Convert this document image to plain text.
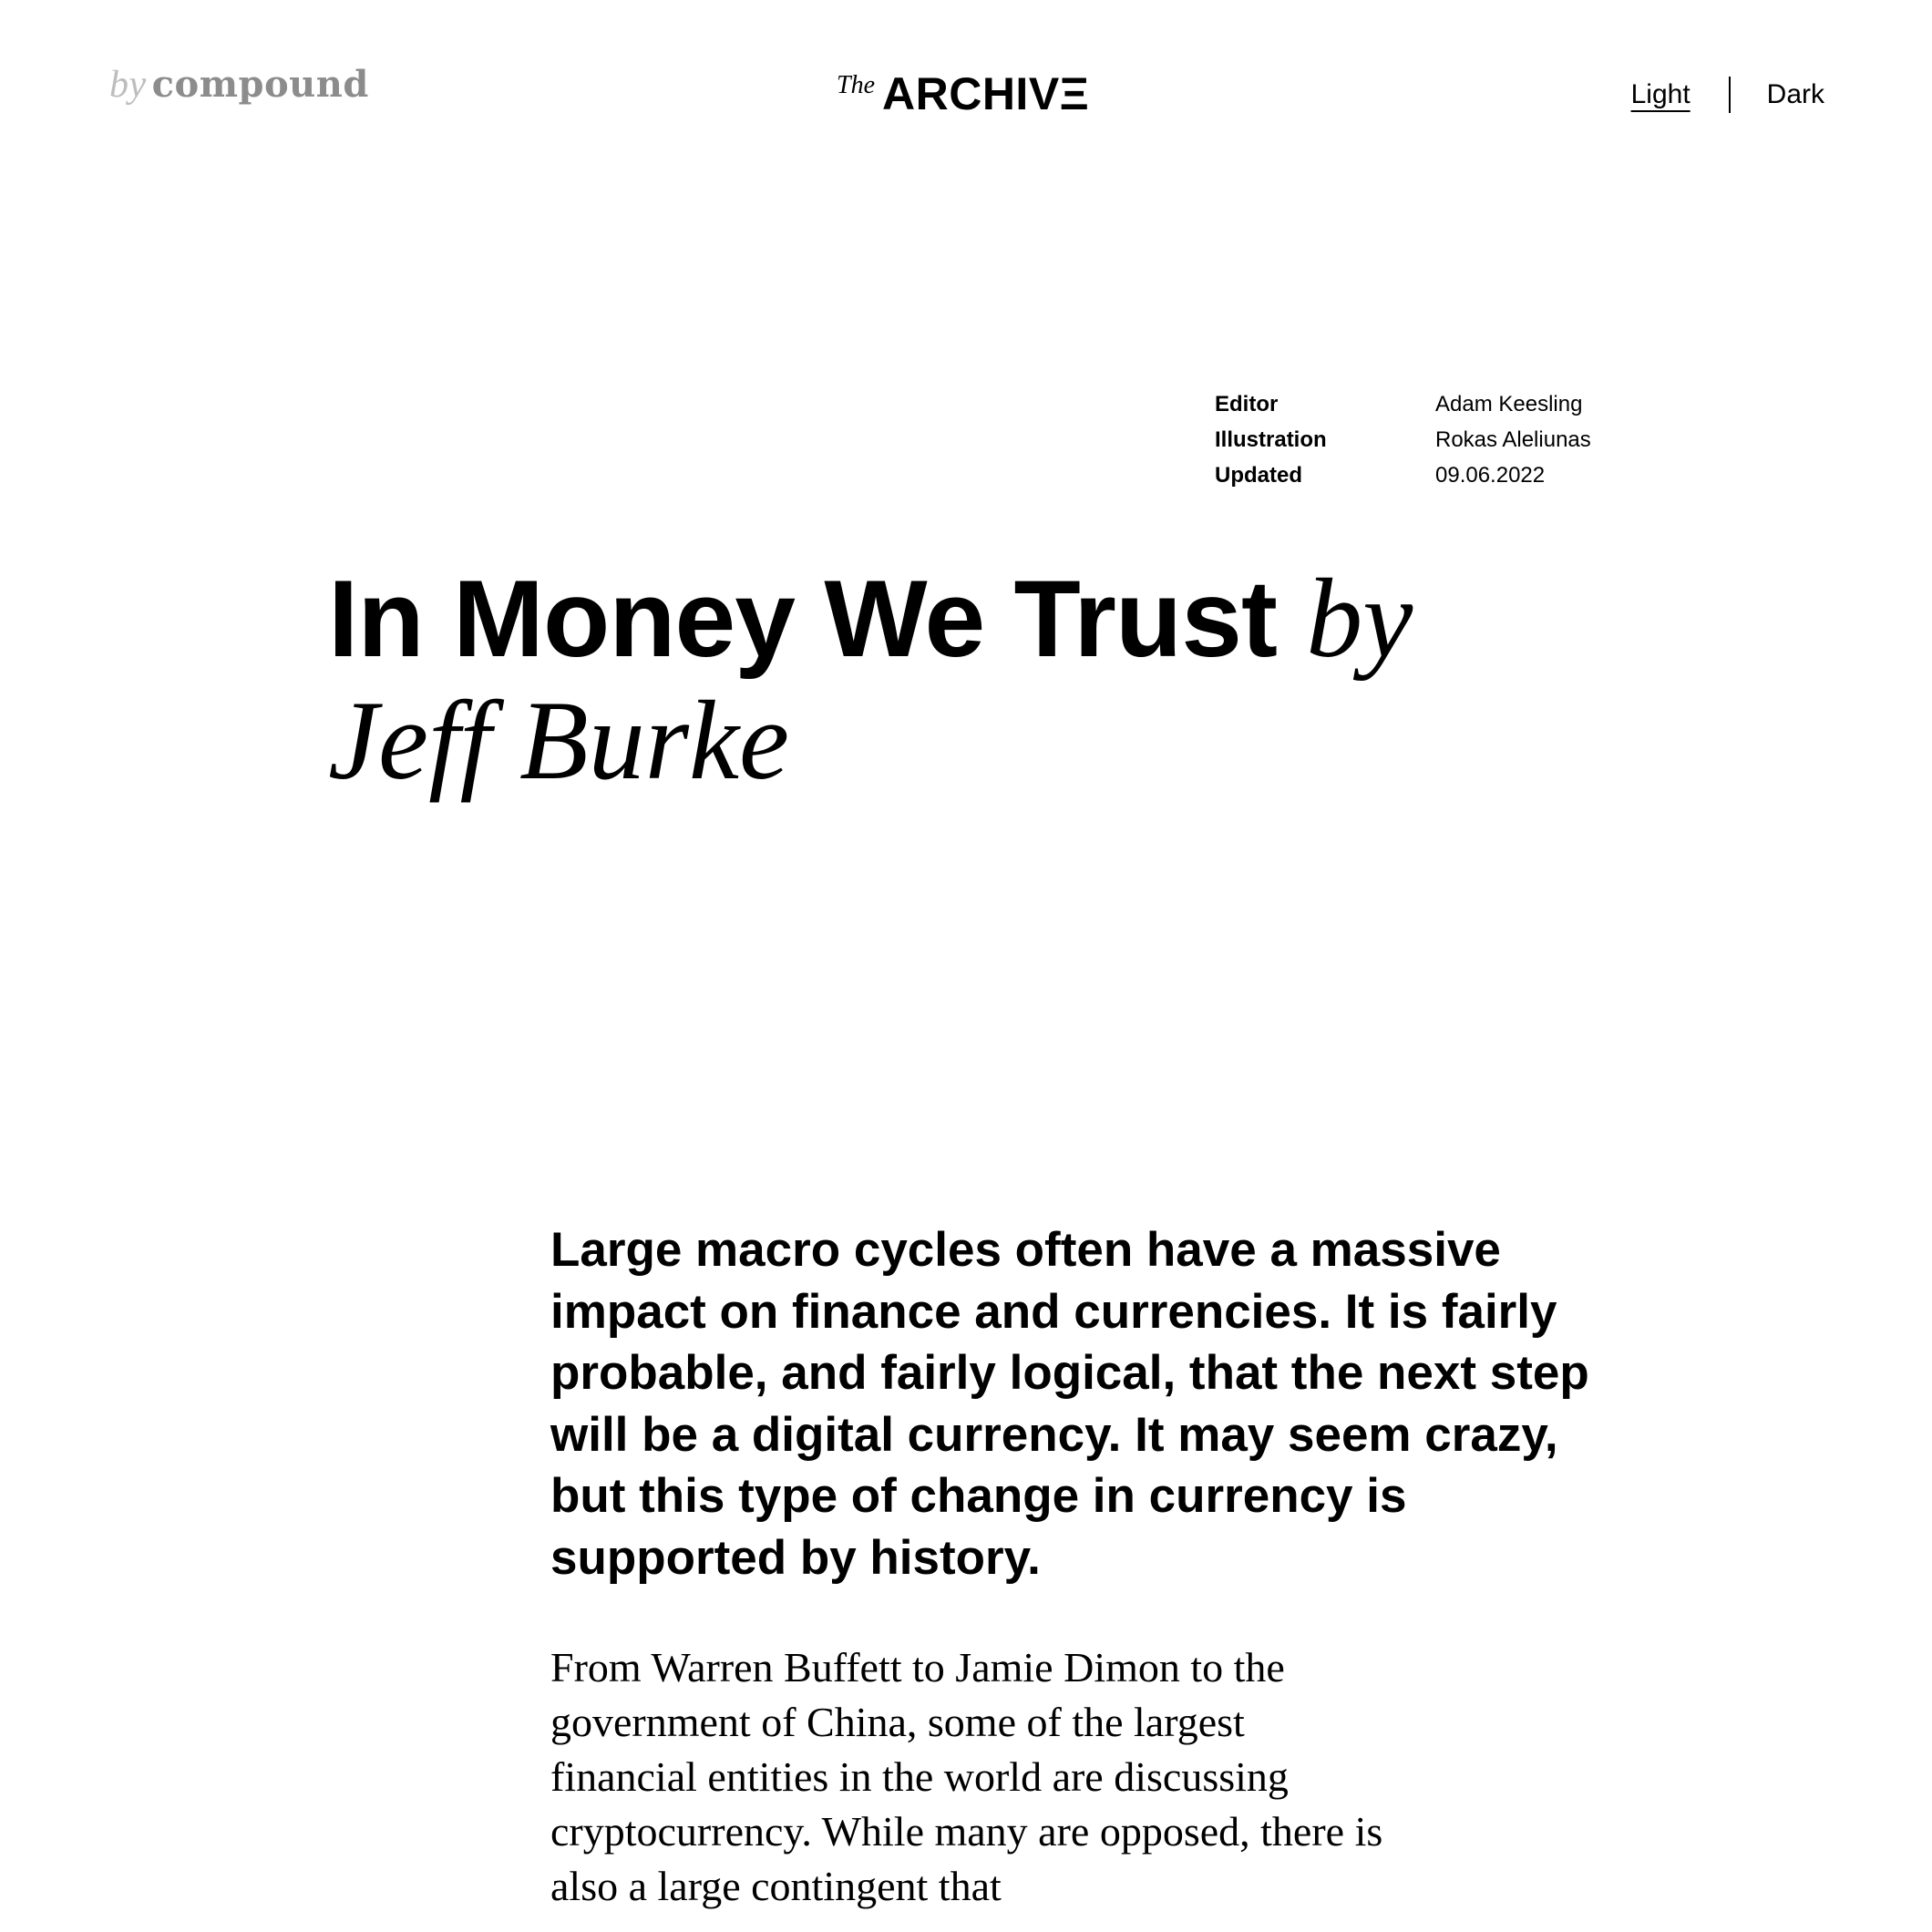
by compound	The ARCHIVΞ	Light	Dark
Editor	Adam Keesling
Illustration	Rokas Aleliunas
Updated	09.06.2022
In Money We Trust by
Jeff Burke

Large macro cycles often have a massive impact on finance and currencies. It is fairly probable, and fairly logical, that the next step will be a digital currency. It may seem crazy, but this type of change in currency is supported by history.

From Warren Buffett to Jamie Dimon to the government of China, some of the largest financial entities in the world are discussing cryptocurrency. While many are opposed, there is also a large contingent that
